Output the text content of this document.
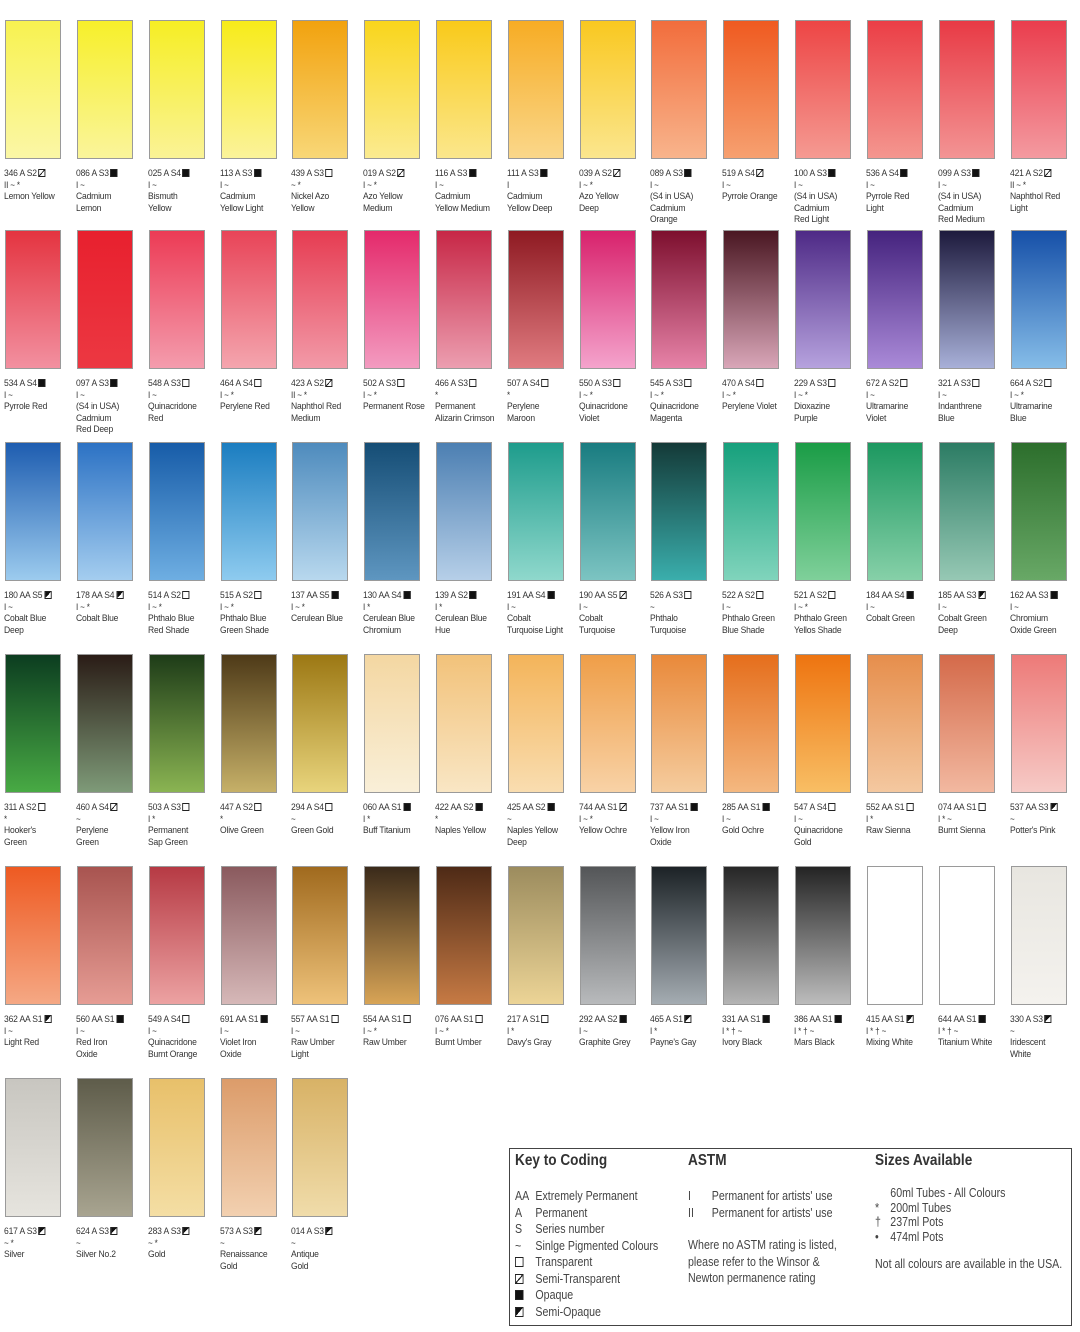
346 A S2
II ~ *
Lemon Yellow
086 A S3
I ~
Cadmium
Lemon
025 A S4
I ~
Bismuth
Yellow
113 A S3
I ~
Cadmium
Yellow Light
439 A S3
~ *
Nickel Azo
Yellow
019 A S2
I ~ *
Azo Yellow
Medium
116 A S3
I ~
Cadmium
Yellow Medium
111 A S3
I
Cadmium
Yellow Deep
039 A S2
I ~ *
Azo Yellow
Deep
089 A S3
I ~
(S4 in USA)
Cadmium
Orange
519 A S4
I ~
Pyrrole Orange
100 A S3
I ~
(S4 in USA)
Cadmium
Red Light
536 A S4
I ~
Pyrrole Red
Light
099 A S3
I ~
(S4 in USA)
Cadmium
Red Medium
421 A S2
II ~ *
Naphthol Red
Light
534 A S4
I ~
Pyrrole Red
097 A S3
I ~
(S4 in USA)
Cadmium
Red Deep
548 A S3
I ~
Quinacridone
Red
464 A S4
I ~ *
Perylene Red
423 A S2
II ~ *
Naphthol Red
Medium
502 A S3
I ~ *
Permanent Rose
466 A S3
*
Permanent
Alizarin Crimson
507 A S4
*
Perylene
Maroon
550 A S3
I ~ *
Quinacridone
Violet
545 A S3
I ~ *
Quinacridone
Magenta
470 A S4
I ~ *
Perylene Violet
229 A S3
I ~ *
Dioxazine
Purple
672 A S2
I ~
Ultramarine
Violet
321 A S3
I ~
Indanthrene
Blue
664 A S2
I ~ *
Ultramarine
Blue
180 AA S5
I ~
Cobalt Blue
Deep
178 AA S4
I ~ *
Cobalt Blue
514 A S2
I ~ *
Phthalo Blue
Red Shade
515 A S2
I ~ *
Phthalo Blue
Green Shade
137 AA S5
I ~ *
Cerulean Blue
130 AA S4
I *
Cerulean Blue
Chromium
139 A S2
I *
Cerulean Blue
Hue
191 AA S4
I ~
Cobalt
Turquoise Light
190 AA S5
I ~
Cobalt
Turquoise
526 A S3
~
Phthalo
Turquoise
522 A S2
I ~
Phthalo Green
Blue Shade
521 A S2
I ~ *
Phthalo Green
Yellos Shade
184 AA S4
I ~
Cobalt Green
185 AA S3
I ~
Cobalt Green
Deep
162 AA S3
I ~
Chromium
Oxide Green
311 A S2
*
Hooker's
Green
460 A S4
~
Perylene
Green
503 A S3
I *
Permanent
Sap Green
447 A S2
*
Olive Green
294 A S4
~
Green Gold
060 AA S1
I *
Buff Titanium
422 AA S2
*
Naples Yellow
425 AA S2
~
Naples Yellow
Deep
744 AA S1
I ~ *
Yellow Ochre
737 AA S1
I ~
Yellow Iron
Oxide
285 AA S1
I ~
Gold Ochre
547 A S4
I ~
Quinacridone
Gold
552 AA S1
I *
Raw Sienna
074 AA S1
I * ~
Burnt Sienna
537 AA S3
~
Potter's Pink
362 AA S1
I ~
Light Red
560 AA S1
I ~
Red Iron
Oxide
549 A S4
I ~
Quinacridone
Burnt Orange
691 AA S1
I ~
Violet Iron
Oxide
557 AA S1
I ~
Raw Umber
Light
554 AA S1
I ~ *
Raw Umber
076 AA S1
I ~ *
Burnt Umber
217 A S1
I *
Davy's Gray
292 AA S2
I ~
Graphite Grey
465 A S1
I *
Payne's Gay
331 AA S1
I * † ~
Ivory Black
386 AA S1
I * † ~
Mars Black
415 AA S1
I * † ~
Mixing White
644 AA S1
I * † ~
Titanium White
330 A S3
~
Iridescent
White
617 A S3
~ *
Silver
624 A S3
~
Silver No.2
283 A S3
~ *
Gold
573 A S3
~
Renaissance
Gold
014 A S3
~
Antique
Gold
Key to Coding
AA Extremely Permanent
A Permanent
S Series number
~ Sinlge Pigmented Colours
Transparent
Semi-Transparent
Opaque
Semi-Opaque
ASTM
I Permanent for artists' use
II Permanent for artists' use
Where no ASTM rating is listed,
please refer to the Winsor &
Newton permanence rating
Sizes Available
60ml Tubes - All Colours
* 200ml Tubes
† 237ml Pots
• 474ml Pots
Not all colours are available in the USA.
